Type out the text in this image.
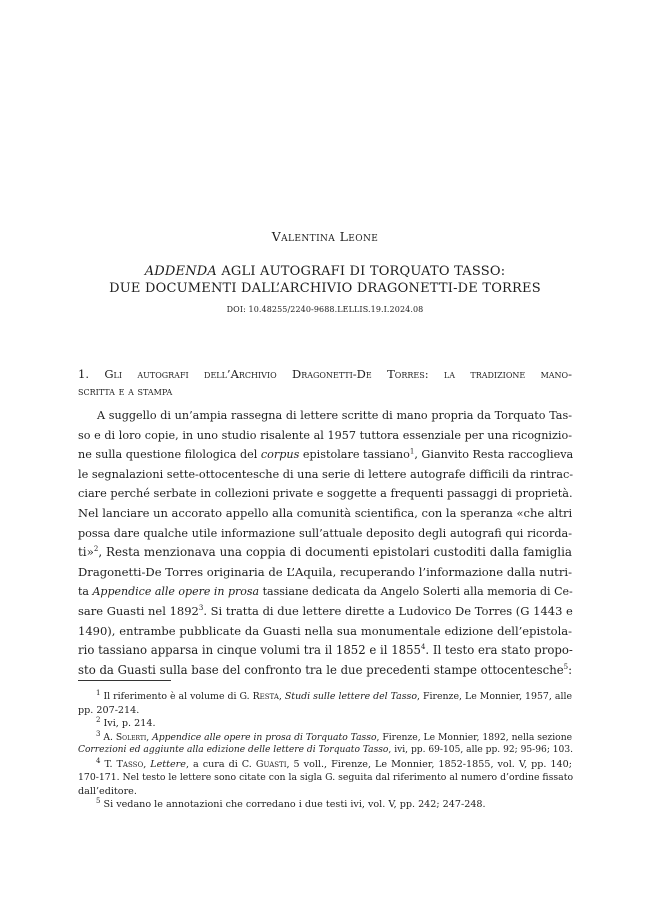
Valentina Leone
ADDENDA AGLI AUTOGRAFI DI TORQUATO TASSO:
DUE DOCUMENTI DALL’ARCHIVIO DRAGONETTI-DE TORRES
DOI: 10.48255/2240-9688.LELLIS.19.I.2024.08
1. Gli autografi dell’Archivio Dragonetti-De Torres: la tradizione mano-
scritta e a stampa
A suggello di un’ampia rassegna di lettere scritte di mano propria da Torquato Tas-
so e di loro copie, in uno studio risalente al 1957 tuttora essenziale per una ricognizio-
ne sulla questione filologica del corpus epistolare tassiano$^1$, Gianvito Resta raccoglieva
le segnalazioni sette-ottocentesche di una serie di lettere autografe difficili da rintrac-
ciare perché serbate in collezioni private e soggette a frequenti passaggi di proprietà.
Nel lanciare un accorato appello alla comunità scientifica, con la speranza «che altri
possa dare qualche utile informazione sull’attuale deposito degli autografi qui ricorda-
ti»$^2$, Resta menzionava una coppia di documenti epistolari custoditi dalla famiglia
Dragonetti-De Torres originaria de L’Aquila, recuperando l’informazione dalla nutri-
ta Appendice alle opere in prosa tassiane dedicata da Angelo Solerti alla memoria di Ce-
sare Guasti nel 1892$^3$. Si tratta di due lettere dirette a Ludovico De Torres (G 1443 e
1490), entrambe pubblicate da Guasti nella sua monumentale edizione dell’epistola-
rio tassiano apparsa in cinque volumi tra il 1852 e il 1855$^4$. Il testo era stato propo-
sto da Guasti sulla base del confronto tra le due precedenti stampe ottocentesche$^5$:
$^1$ Il riferimento è al volume di G. Resta, Studi sulle lettere del Tasso, Firenze, Le Monnier, 1957, alle
pp. 207-214.
$^2$ Ivi, p. 214.
$^3$ A. Solerti, Appendice alle opere in prosa di Torquato Tasso, Firenze, Le Monnier, 1892, nella sezione
Correzioni ed aggiunte alla edizione delle lettere di Torquato Tasso, ivi, pp. 69-105, alle pp. 92; 95-96; 103.
$^4$ T. Tasso, Lettere, a cura di C. Guasti, 5 voll., Firenze, Le Monnier, 1852-1855, vol. V, pp. 140;
170-171. Nel testo le lettere sono citate con la sigla G. seguita dal riferimento al numero d’ordine fissato
dall’editore.
$^5$ Si vedano le annotazioni che corredano i due testi ivi, vol. V, pp. 242; 247-248.
